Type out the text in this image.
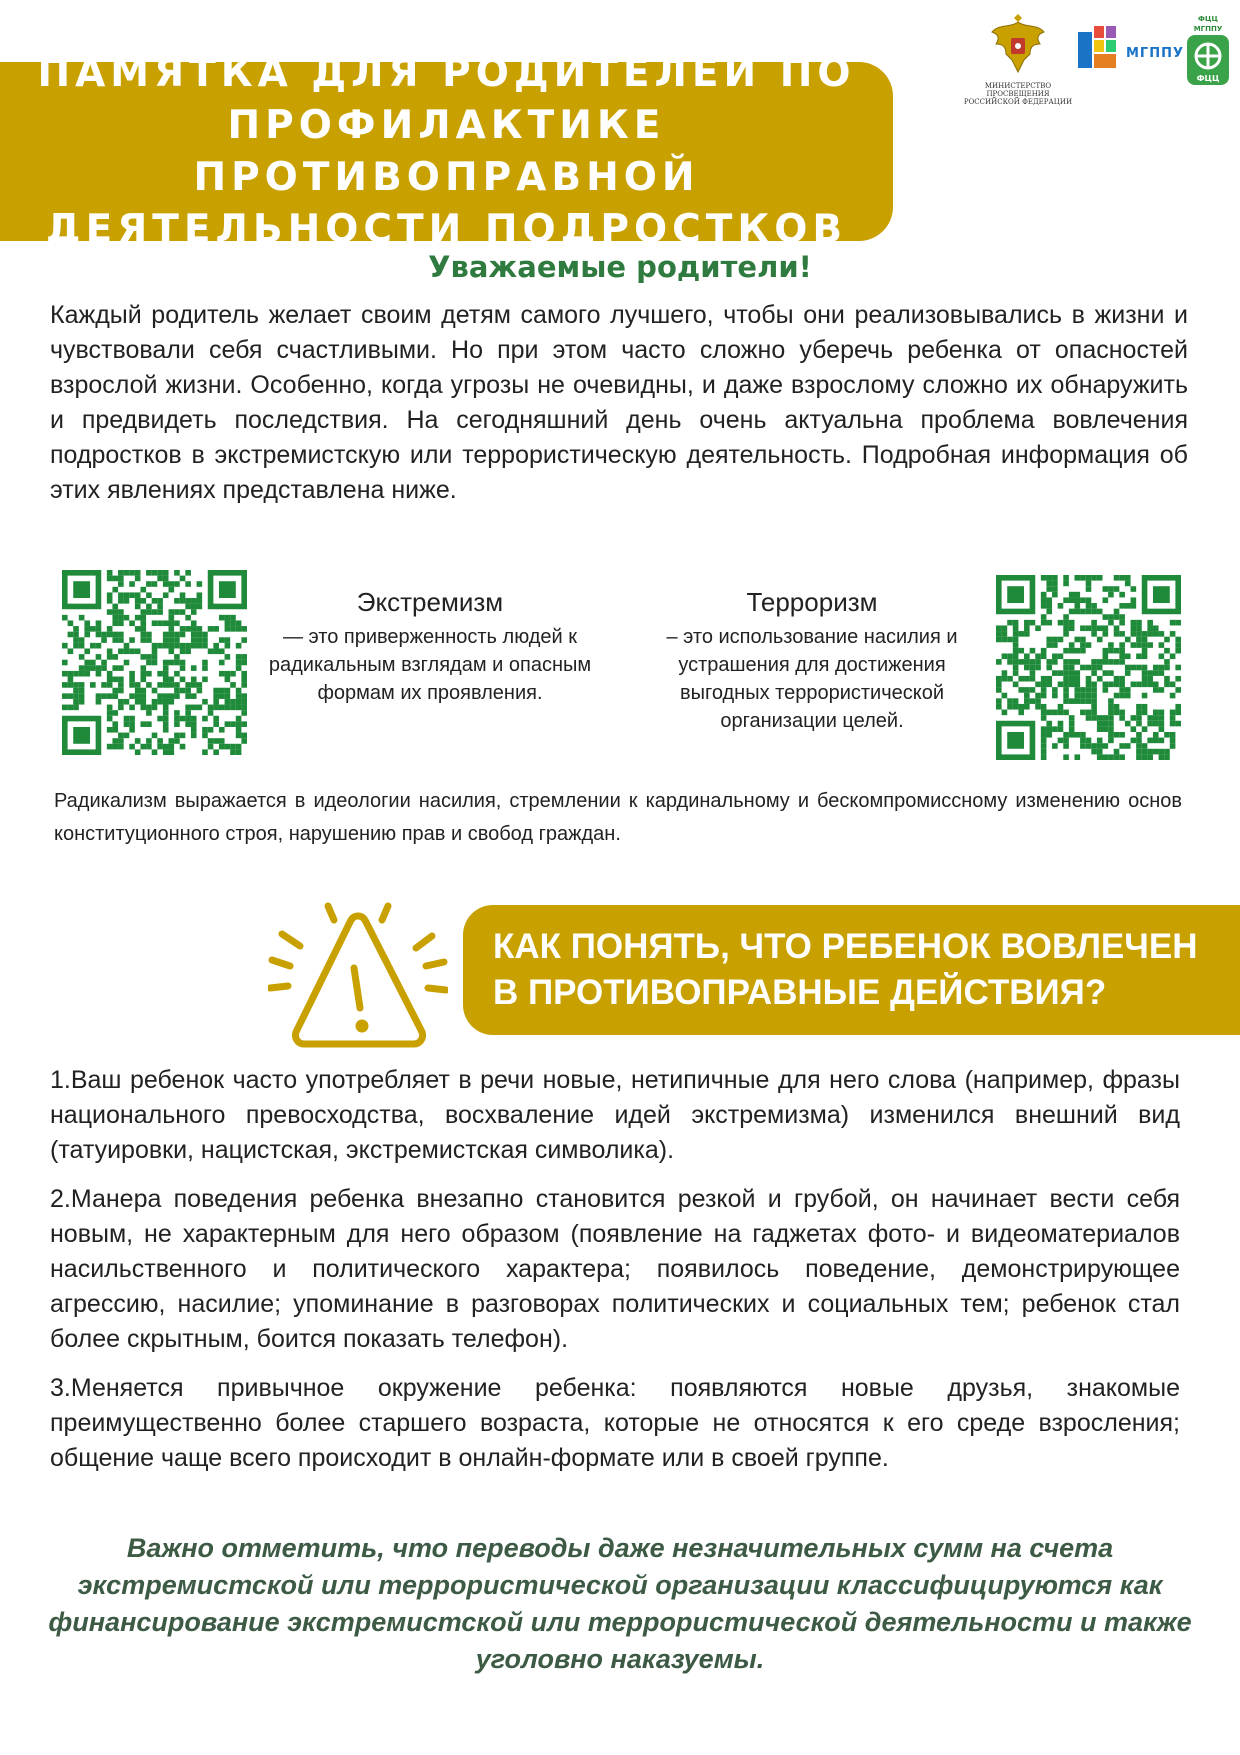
ПАМЯТКА ДЛЯ РОДИТЕЛЕЙ ПО
ПРОФИЛАКТИКЕ ПРОТИВОПРАВНОЙ
ДЕЯТЕЛЬНОСТИ ПОДРОСТКОВ
МИНИСТЕРСТВО ПРОСВЕЩЕНИЯ
РОССИЙСКОЙ ФЕДЕРАЦИИ
МГППУ
ФЦЦ МГППУ
ФЦЦ
Уважаемые родители!

Каждый родитель желает своим детям самого лучшего, чтобы они реализовывались в жизни и чувствовали себя счастливыми. Но при этом часто сложно уберечь ребенка от опасностей взрослой жизни. Особенно, когда угрозы не очевидны, и даже взрослому сложно их обнаружить и предвидеть последствия. На сегодняшний день очень актуальна проблема вовлечения подростков в экстремистскую или террористическую деятельность. Подробная информация об этих явлениях представлена ниже.

Экстремизм

— это приверженность людей к радикальным взглядам и опасным формам их проявления.

Терроризм

– это использование насилия и устрашения для достижения выгодных террористической организации целей.

Радикализм выражается в идеологии насилия, стремлении к кардинальному и бескомпромиссному изменению основ конституционного строя, нарушению прав и свобод граждан.

КАК ПОНЯТЬ, ЧТО РЕБЕНОК ВОВЛЕЧЕН
В ПРОТИВОПРАВНЫЕ ДЕЙСТВИЯ?

1.Ваш ребенок часто употребляет в речи новые, нетипичные для него слова (например, фразы национального превосходства, восхваление идей экстремизма) изменился внешний вид (татуировки, нацистская, экстремистская символика).
2.Манера поведения ребенка внезапно становится резкой и грубой, он начинает вести себя новым, не характерным для него образом (появление на гаджетах фото- и видеоматериалов насильственного и политического характера; появилось поведение, демонстрирующее агрессию, насилие; упоминание в разговорах политических и социальных тем; ребенок стал более скрытным, боится показать телефон).
3.Меняется привычное окружение ребенка: появляются новые друзья, знакомые преимущественно более старшего возраста, которые не относятся к его среде взросления; общение чаще всего происходит в онлайн-формате или в своей группе.

Важно отметить, что переводы даже незначительных сумм на счета экстремистской или террористической организации классифицируются как финансирование экстремистской или террористической деятельности и также уголовно наказуемы.
